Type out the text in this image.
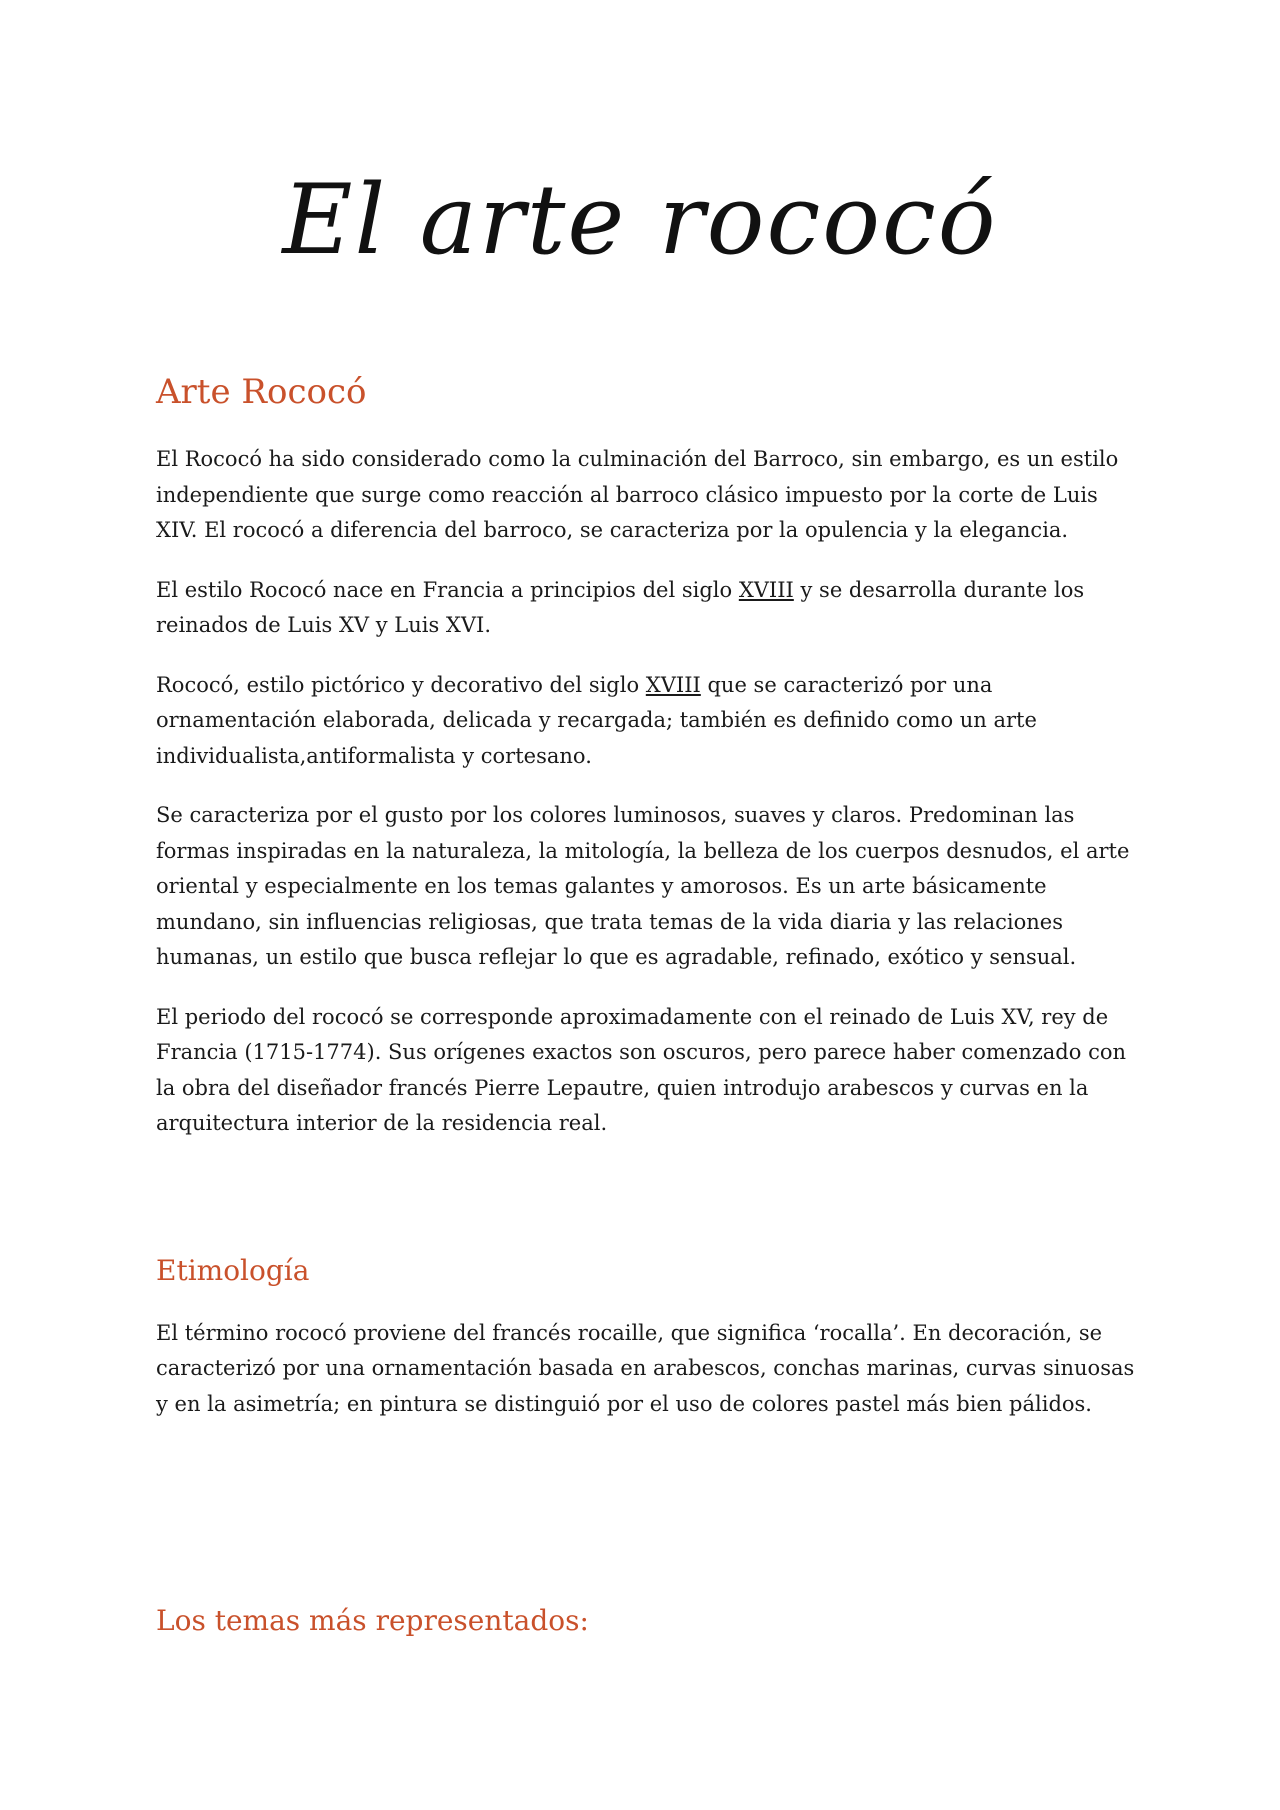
El arte rococó
Arte Rococó

El Rococó ha sido considerado como la culminación del Barroco, sin embargo, es un estilo independiente que surge como reacción al barroco clásico impuesto por la corte de Luis XIV. El rococó a diferencia del barroco, se caracteriza por la opulencia y la elegancia.

El estilo Rococó nace en Francia a principios del siglo XVIII y se desarrolla durante los reinados de Luis XV y Luis XVI.

Rococó, estilo pictórico y decorativo del siglo XVIII que se caracterizó por una ornamentación elaborada, delicada y recargada; también es definido como un arte individualista,antiformalista y cortesano.

Se caracteriza por el gusto por los colores luminosos, suaves y claros. Predominan las formas inspiradas en la naturaleza, la mitología, la belleza de los cuerpos desnudos, el arte oriental y especialmente en los temas galantes y amorosos. Es un arte básicamente mundano, sin influencias religiosas, que trata temas de la vida diaria y las relaciones humanas, un estilo que busca reflejar lo que es agradable, refinado, exótico y sensual.

El periodo del rococó se corresponde aproximadamente con el reinado de Luis XV, rey de Francia (1715-1774). Sus orígenes exactos son oscuros, pero parece haber comenzado con la obra del diseñador francés Pierre Lepautre, quien introdujo arabescos y curvas en la arquitectura interior de la residencia real.

Etimología

El término rococó proviene del francés rocaille, que significa ‘rocalla’. En decoración, se caracterizó por una ornamentación basada en arabescos, conchas marinas, curvas sinuosas y en la asimetría; en pintura se distinguió por el uso de colores pastel más bien pálidos.

Los temas más representados:
